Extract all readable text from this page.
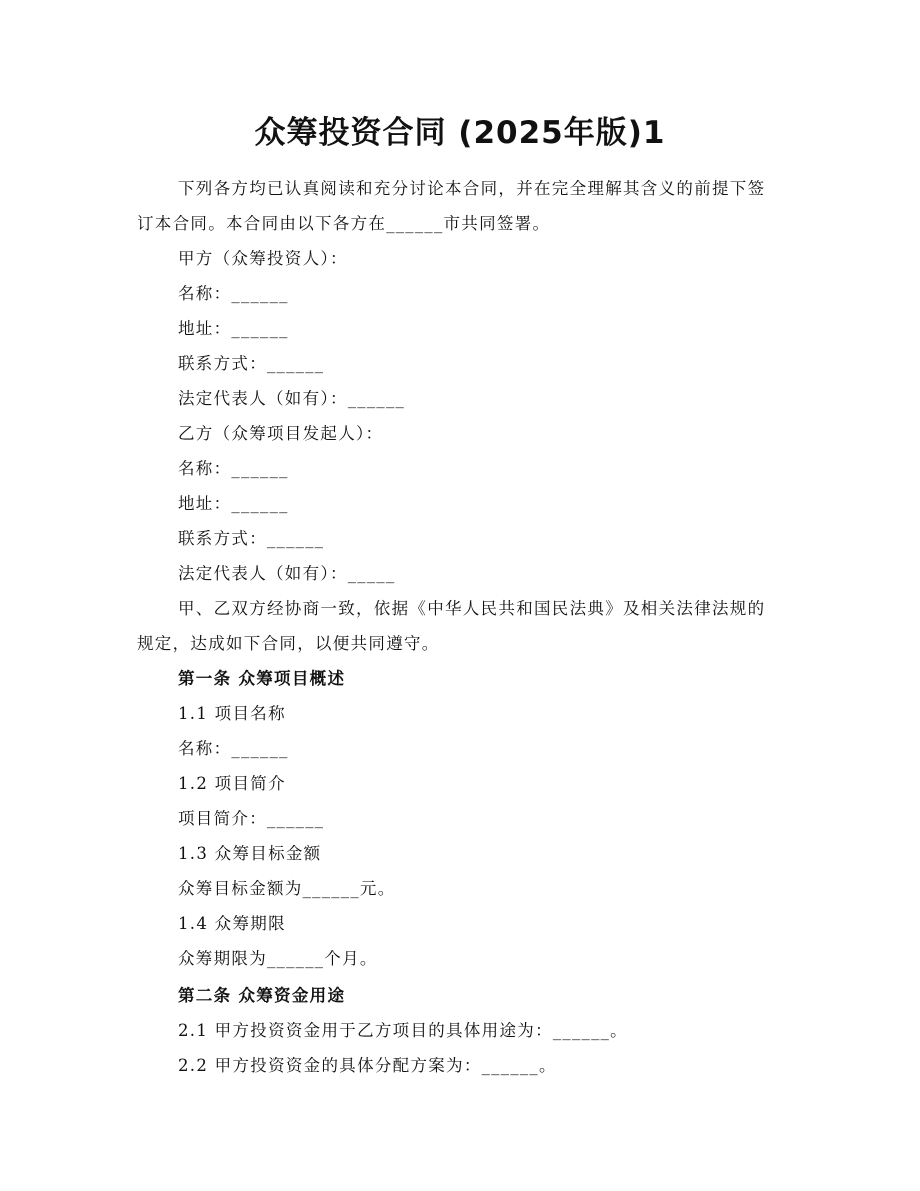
众筹投资合同 (2025年版)1
下列各方均已认真阅读和充分讨论本合同，并在完全理解其含义的前提下签
订本合同。本合同由以下各方在______市共同签署。
甲方（众筹投资人）：
名称：______
地址：______
联系方式：______
法定代表人（如有）：______
乙方（众筹项目发起人）：
名称：______
地址：______
联系方式：______
法定代表人（如有）：_____
甲、乙双方经协商一致，依据《中华人民共和国民法典》及相关法律法规的
规定，达成如下合同，以便共同遵守。
第一条 众筹项目概述
1.1 项目名称
名称：______
1.2 项目简介
项目简介：______
1.3 众筹目标金额
众筹目标金额为______元。
1.4 众筹期限
众筹期限为______个月。
第二条 众筹资金用途
2.1 甲方投资资金用于乙方项目的具体用途为：______。
2.2 甲方投资资金的具体分配方案为：______。
